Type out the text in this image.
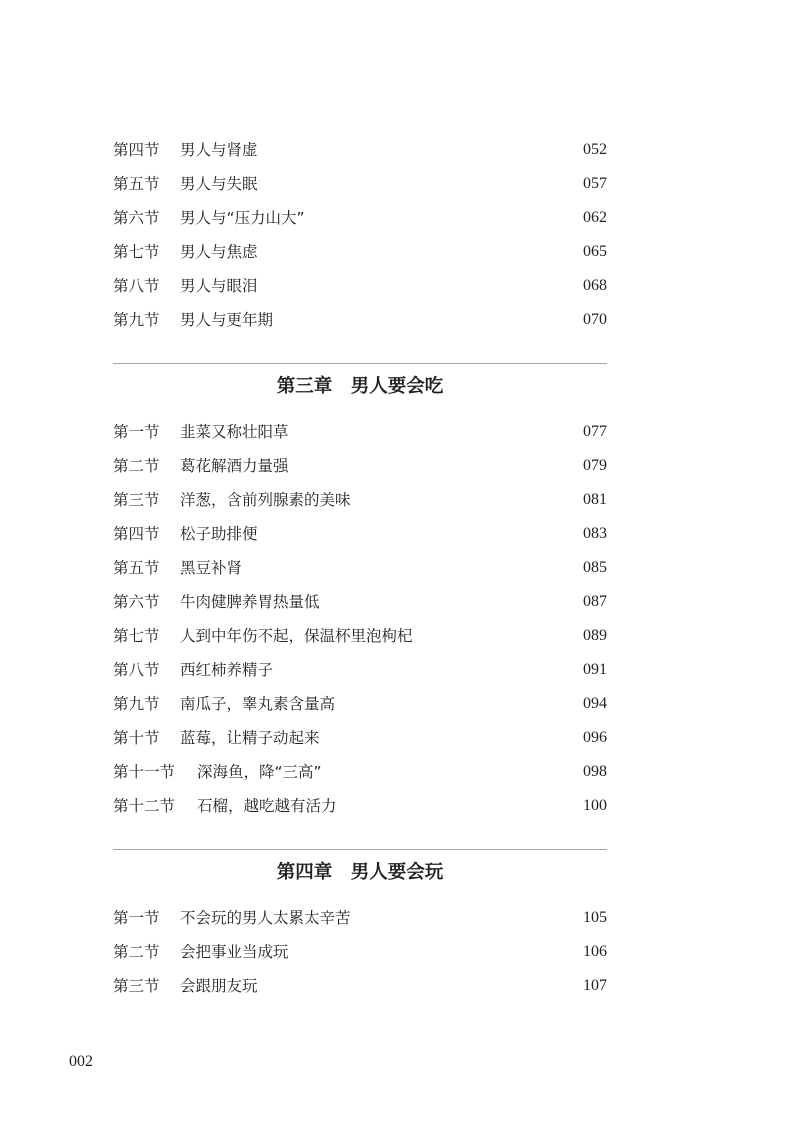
第四节 男人与肾虚	052
第五节 男人与失眠	057
第六节 男人与“压力山大”	062
第七节 男人与焦虑	065
第八节 男人与眼泪	068
第九节 男人与更年期	070
第三章　男人要会吃
第一节 韭菜又称壮阳草	077
第二节 葛花解酒力量强	079
第三节 洋葱，含前列腺素的美味	081
第四节 松子助排便	083
第五节 黑豆补肾	085
第六节 牛肉健脾养胃热量低	087
第七节 人到中年伤不起，保温杯里泡枸杞	089
第八节 西红柿养精子	091
第九节 南瓜子，睾丸素含量高	094
第十节 蓝莓，让精子动起来	096
第十一节 深海鱼，降“三高”	098
第十二节 石榴，越吃越有活力	100
第四章　男人要会玩
第一节 不会玩的男人太累太辛苦	105
第二节 会把事业当成玩	106
第三节 会跟朋友玩	107
002
